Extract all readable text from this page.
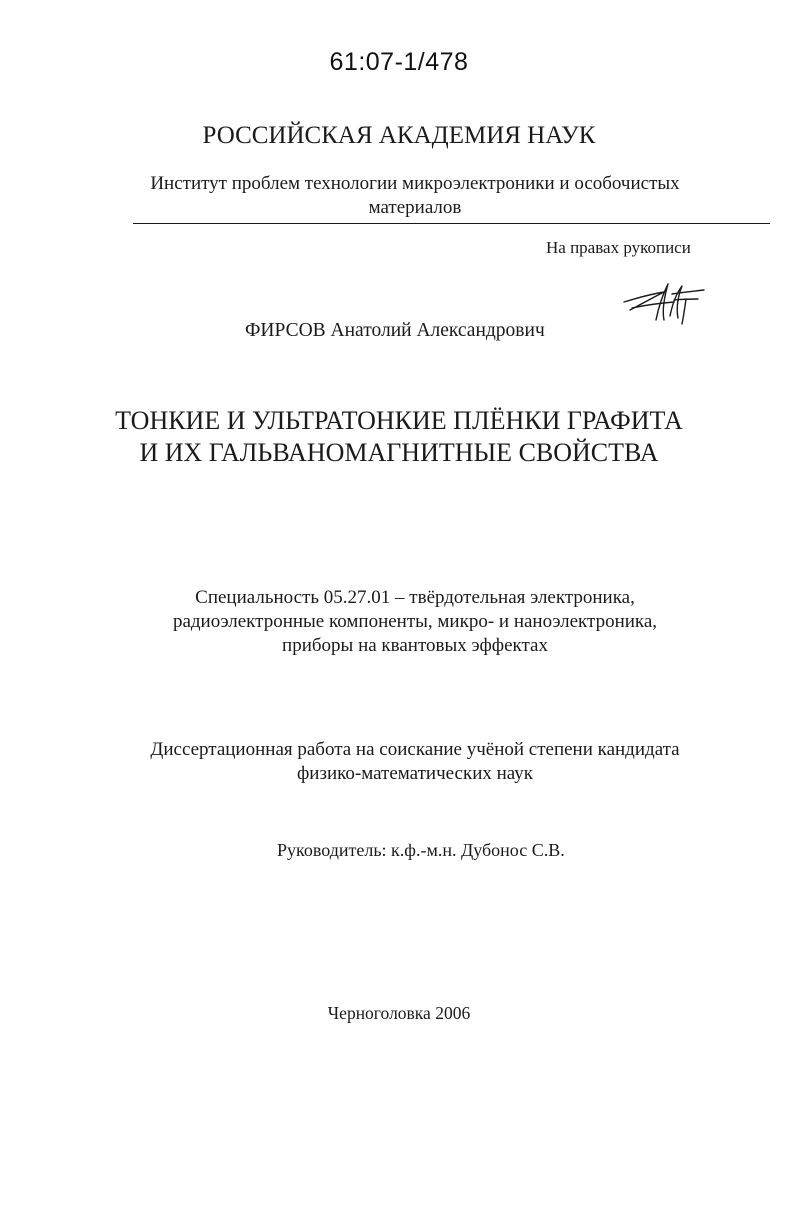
61:07-1/478
РОССИЙСКАЯ АКАДЕМИЯ НАУК
Институт проблем технологии микроэлектроники и особочистых
материалов
На правах рукописи
ФИРСОВ Анатолий Александрович
ТОНКИЕ И УЛЬТРАТОНКИЕ ПЛЁНКИ ГРАФИТА
И ИХ ГАЛЬВАНОМАГНИТНЫЕ СВОЙСТВА
Специальность 05.27.01 – твёрдотельная электроника,
радиоэлектронные компоненты, микро- и наноэлектроника,
приборы на квантовых эффектах
Диссертационная работа на соискание учёной степени кандидата
физико-математических наук
Руководитель: к.ф.-м.н. Дубонос С.В.
Черноголовка 2006
